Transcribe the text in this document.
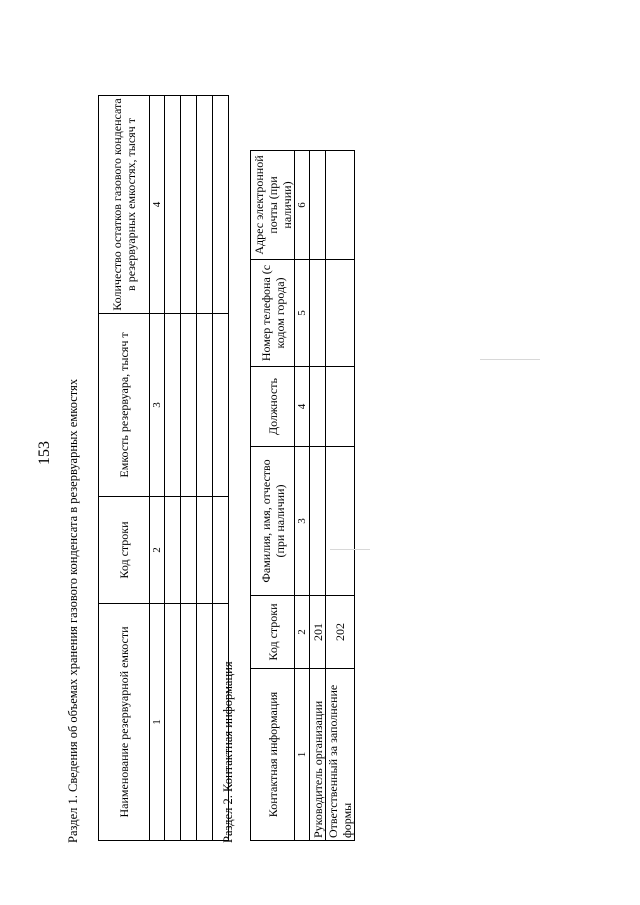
153 Раздел 1. Сведения об объемах хранения газового конденсата в резервуарных емкостях	Наименование резервуарной емкости	Код строки	Емкость резервуара, тысяч т	Количество остатков газового конденсата в резервуарных емкостях, тысяч т
1	2	3	4

Раздел 2. Контактная информация	Контактная информация	Код строки	Фамилия, имя, отчество (при наличии)	Должность	Номер телефона (с кодом города)	Адрес электронной почты (при наличии)
1	2	3	4	5	6
Руководитель организации	201				
Ответственный за заполнение формы	202				
